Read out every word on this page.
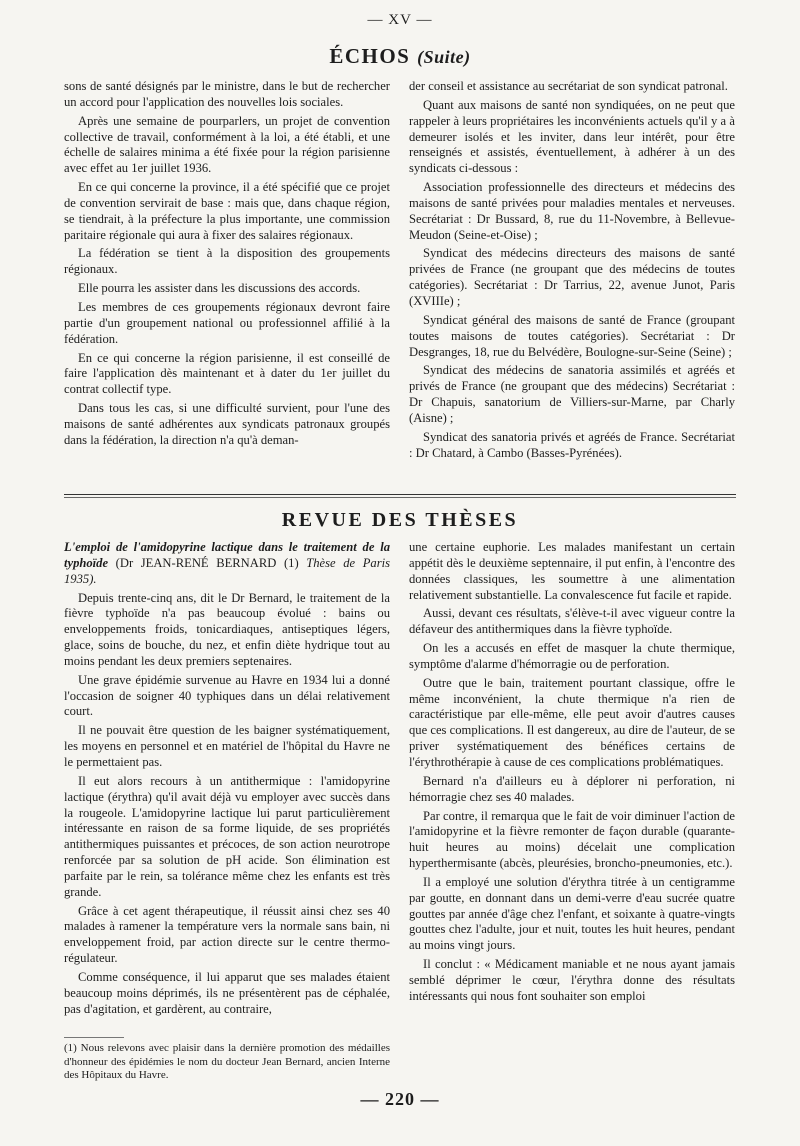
— XV —
ÉCHOS (Suite)

sons de santé désignés par le ministre, dans le but de rechercher un accord pour l'application des nouvelles lois sociales.

Après une semaine de pourparlers, un projet de convention collective de travail, conformément à la loi, a été établi, et une échelle de salaires minima a été fixée pour la région parisienne avec effet au 1er juillet 1936.

En ce qui concerne la province, il a été spécifié que ce projet de convention servirait de base : mais que, dans chaque région, se tiendrait, à la préfecture la plus importante, une commission paritaire régionale qui aura à fixer des salaires régionaux.

La fédération se tient à la disposition des groupements régionaux.

Elle pourra les assister dans les discussions des accords.

Les membres de ces groupements régionaux devront faire partie d'un groupement national ou professionnel affilié à la fédération.

En ce qui concerne la région parisienne, il est conseillé de faire l'application dès maintenant et à dater du 1er juillet du contrat collectif type.

Dans tous les cas, si une difficulté survient, pour l'une des maisons de santé adhérentes aux syndicats patronaux groupés dans la fédération, la direction n'a qu'à deman-

der conseil et assistance au secrétariat de son syndicat patronal.

Quant aux maisons de santé non syndiquées, on ne peut que rappeler à leurs propriétaires les inconvénients actuels qu'il y a à demeurer isolés et les inviter, dans leur intérêt, pour être renseignés et assistés, éventuellement, à adhérer à un des syndicats ci-dessous :

Association professionnelle des directeurs et médecins des maisons de santé privées pour maladies mentales et nerveuses. Secrétariat : Dr Bussard, 8, rue du 11-Novembre, à Bellevue-Meudon (Seine-et-Oise) ;

Syndicat des médecins directeurs des maisons de santé privées de France (ne groupant que des médecins de toutes catégories). Secrétariat : Dr Tarrius, 22, avenue Junot, Paris (XVIIIe) ;

Syndicat général des maisons de santé de France (groupant toutes maisons de toutes catégories). Secrétariat : Dr Desgranges, 18, rue du Belvédère, Boulogne-sur-Seine (Seine) ;

Syndicat des médecins de sanatoria assimilés et agréés et privés de France (ne groupant que des médecins) Secrétariat : Dr Chapuis, sanatorium de Villiers-sur-Marne, par Charly (Aisne) ;

Syndicat des sanatoria privés et agréés de France. Secrétariat : Dr Chatard, à Cambo (Basses-Pyrénées).

REVUE DES THÈSES

L'emploi de l'amidopyrine lactique dans le traitement de la typhoïde (Dr JEAN-RENÉ BERNARD (1) Thèse de Paris 1935).

Depuis trente-cinq ans, dit le Dr Bernard, le traitement de la fièvre typhoïde n'a pas beaucoup évolué : bains ou enveloppements froids, tonicardiaques, antiseptiques légers, glace, soins de bouche, du nez, et enfin diète hydrique tout au moins pendant les deux premiers septenaires.

Une grave épidémie survenue au Havre en 1934 lui a donné l'occasion de soigner 40 typhiques dans un délai relativement court.

Il ne pouvait être question de les baigner systématiquement, les moyens en personnel et en matériel de l'hôpital du Havre ne le permettaient pas.

Il eut alors recours à un antithermique : l'amidopyrine lactique (érythra) qu'il avait déjà vu employer avec succès dans la rougeole. L'amidopyrine lactique lui parut particulièrement intéressante en raison de sa forme liquide, de ses propriétés antithermiques puissantes et précoces, de son action neurotrope renforcée par sa solution de pH acide. Son élimination est parfaite par le rein, sa tolérance même chez les enfants est très grande.

Grâce à cet agent thérapeutique, il réussit ainsi chez ses 40 malades à ramener la température vers la normale sans bain, ni enveloppement froid, par action directe sur le centre thermo-régulateur.

Comme conséquence, il lui apparut que ses malades étaient beaucoup moins déprimés, ils ne présentèrent pas de céphalée, pas d'agitation, et gardèrent, au contraire,

une certaine euphorie. Les malades manifestant un certain appétit dès le deuxième septennaire, il put enfin, à l'encontre des données classiques, les soumettre à une alimentation relativement substantielle. La convalescence fut facile et rapide.

Aussi, devant ces résultats, s'élève-t-il avec vigueur contre la défaveur des antithermiques dans la fièvre typhoïde.

On les a accusés en effet de masquer la chute thermique, symptôme d'alarme d'hémorragie ou de perforation.

Outre que le bain, traitement pourtant classique, offre le même inconvénient, la chute thermique n'a rien de caractéristique par elle-même, elle peut avoir d'autres causes que ces complications. Il est dangereux, au dire de l'auteur, de se priver systématiquement des bénéfices certains de l'érythrothérapie à cause de ces complications problématiques.

Bernard n'a d'ailleurs eu à déplorer ni perforation, ni hémorragie chez ses 40 malades.

Par contre, il remarqua que le fait de voir diminuer l'action de l'amidopyrine et la fièvre remonter de façon durable (quarante-huit heures au moins) décelait une complication hyperthermisante (abcès, pleurésies, broncho-pneumonies, etc.).

Il a employé une solution d'érythra titrée à un centigramme par goutte, en donnant dans un demi-verre d'eau sucrée quatre gouttes par année d'âge chez l'enfant, et soixante à quatre-vingts gouttes chez l'adulte, jour et nuit, toutes les huit heures, pendant au moins vingt jours.

Il conclut : « Médicament maniable et ne nous ayant jamais semblé déprimer le cœur, l'érythra donne des résultats intéressants qui nous font souhaiter son emploi

(1) Nous relevons avec plaisir dans la dernière promotion des médailles d'honneur des épidémies le nom du docteur Jean Bernard, ancien Interne des Hôpitaux du Havre.
— 220 —
